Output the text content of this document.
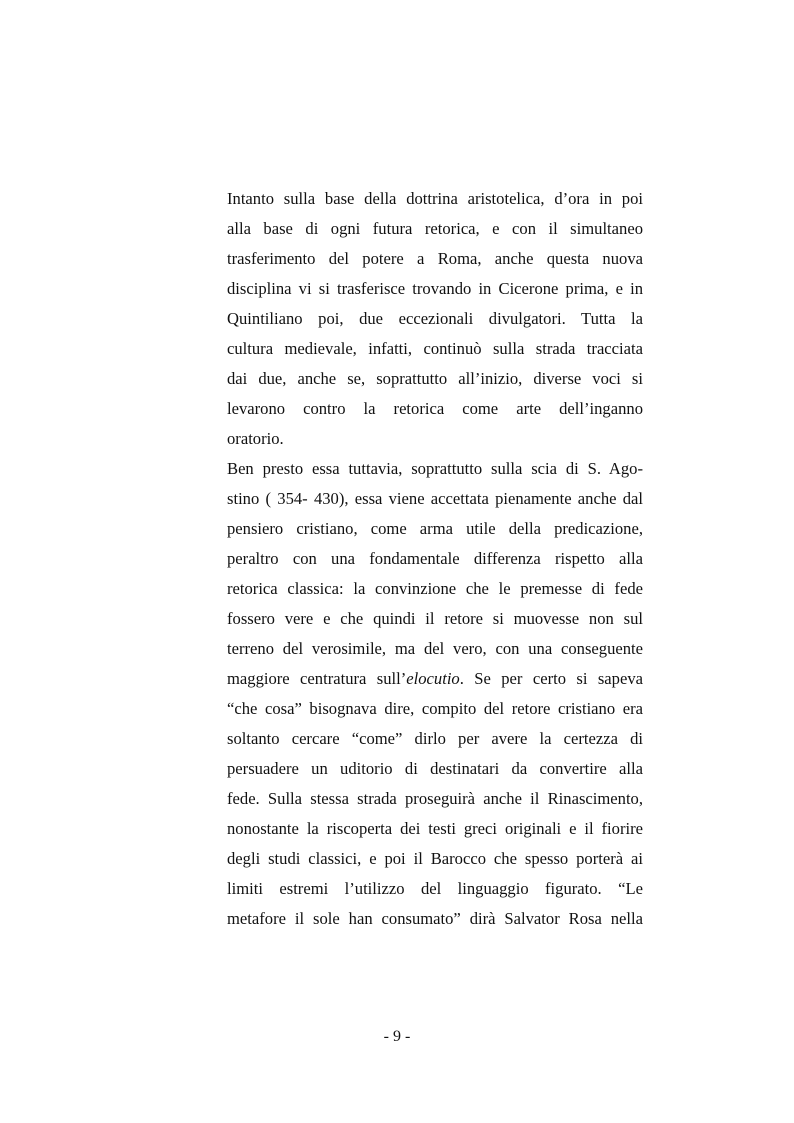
Intanto sulla base della dottrina aristotelica, d’ora in poi
alla base di ogni futura retorica, e con il simultaneo
trasferimento del potere a Roma, anche questa nuova
disciplina vi si trasferisce trovando in Cicerone prima, e in
Quintiliano poi, due eccezionali divulgatori. Tutta la
cultura medievale, infatti, continuò sulla strada tracciata
dai due, anche se, soprattutto all’inizio, diverse voci si
levarono contro la retorica come arte dell’inganno
oratorio.
Ben presto essa tuttavia, soprattutto sulla scia di S. Ago-
stino ( 354- 430), essa viene accettata pienamente anche dal
pensiero cristiano, come arma utile della predicazione,
peraltro con una fondamentale differenza rispetto alla
retorica classica: la convinzione che le premesse di fede
fossero vere e che quindi il retore si muovesse non sul
terreno del verosimile, ma del vero, con una conseguente
maggiore centratura sull’elocutio. Se per certo si sapeva
“che cosa” bisognava dire, compito del retore cristiano era
soltanto cercare “come” dirlo per avere la certezza di
persuadere un uditorio di destinatari da convertire alla
fede. Sulla stessa strada proseguirà anche il Rinascimento,
nonostante la riscoperta dei testi greci originali e il fiorire
degli studi classici, e poi il Barocco che spesso porterà ai
limiti estremi l’utilizzo del linguaggio figurato. “Le
metafore il sole han consumato” dirà Salvator Rosa nella
- 9 -
